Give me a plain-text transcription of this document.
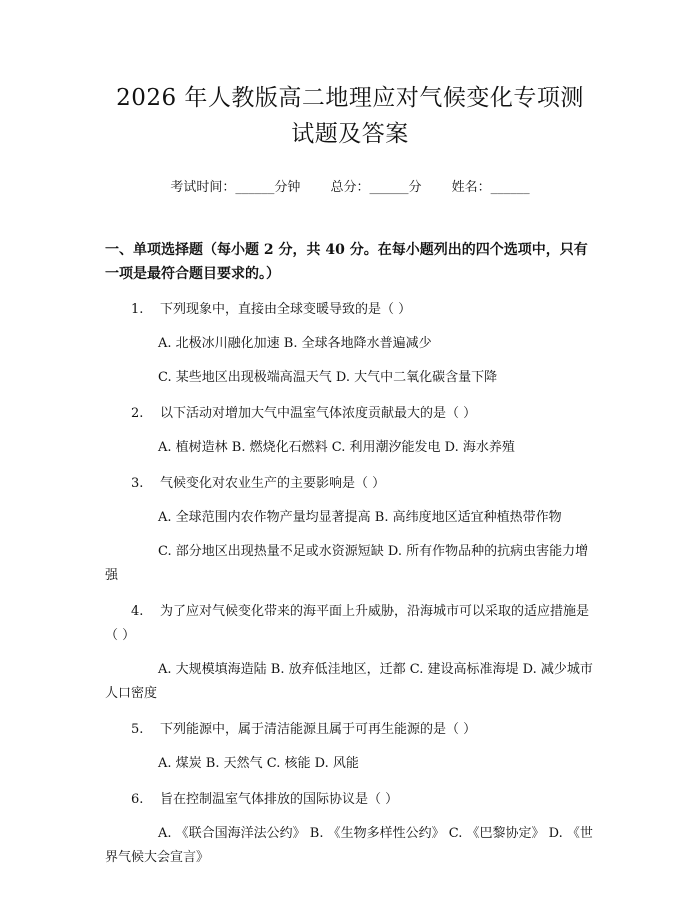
2026 年人教版高二地理应对气候变化专项测
试题及答案
考试时间：______分钟 总分：______分 姓名：______
一、单项选择题（每小题 2 分，共 40 分。在每小题列出的四个选项中，只有一项是最符合题目要求的。）

1. 下列现象中，直接由全球变暖导致的是（ ）

A. 北极冰川融化加速 B. 全球各地降水普遍减少

C. 某些地区出现极端高温天气 D. 大气中二氧化碳含量下降

2. 以下活动对增加大气中温室气体浓度贡献最大的是（ ）

A. 植树造林 B. 燃烧化石燃料 C. 利用潮汐能发电 D. 海水养殖

3. 气候变化对农业生产的主要影响是（ ）

A. 全球范围内农作物产量均显著提高 B. 高纬度地区适宜种植热带作物

C. 部分地区出现热量不足或水资源短缺 D. 所有作物品种的抗病虫害能力增强

4. 为了应对气候变化带来的海平面上升威胁，沿海城市可以采取的适应措施是（ ）

A. 大规模填海造陆 B. 放弃低洼地区，迁都 C. 建设高标准海堤 D. 减少城市人口密度

5. 下列能源中，属于清洁能源且属于可再生能源的是（ ）

A. 煤炭 B. 天然气 C. 核能 D. 风能

6. 旨在控制温室气体排放的国际协议是（ ）

A. 《联合国海洋法公约》 B. 《生物多样性公约》 C. 《巴黎协定》 D. 《世界气候大会宣言》
